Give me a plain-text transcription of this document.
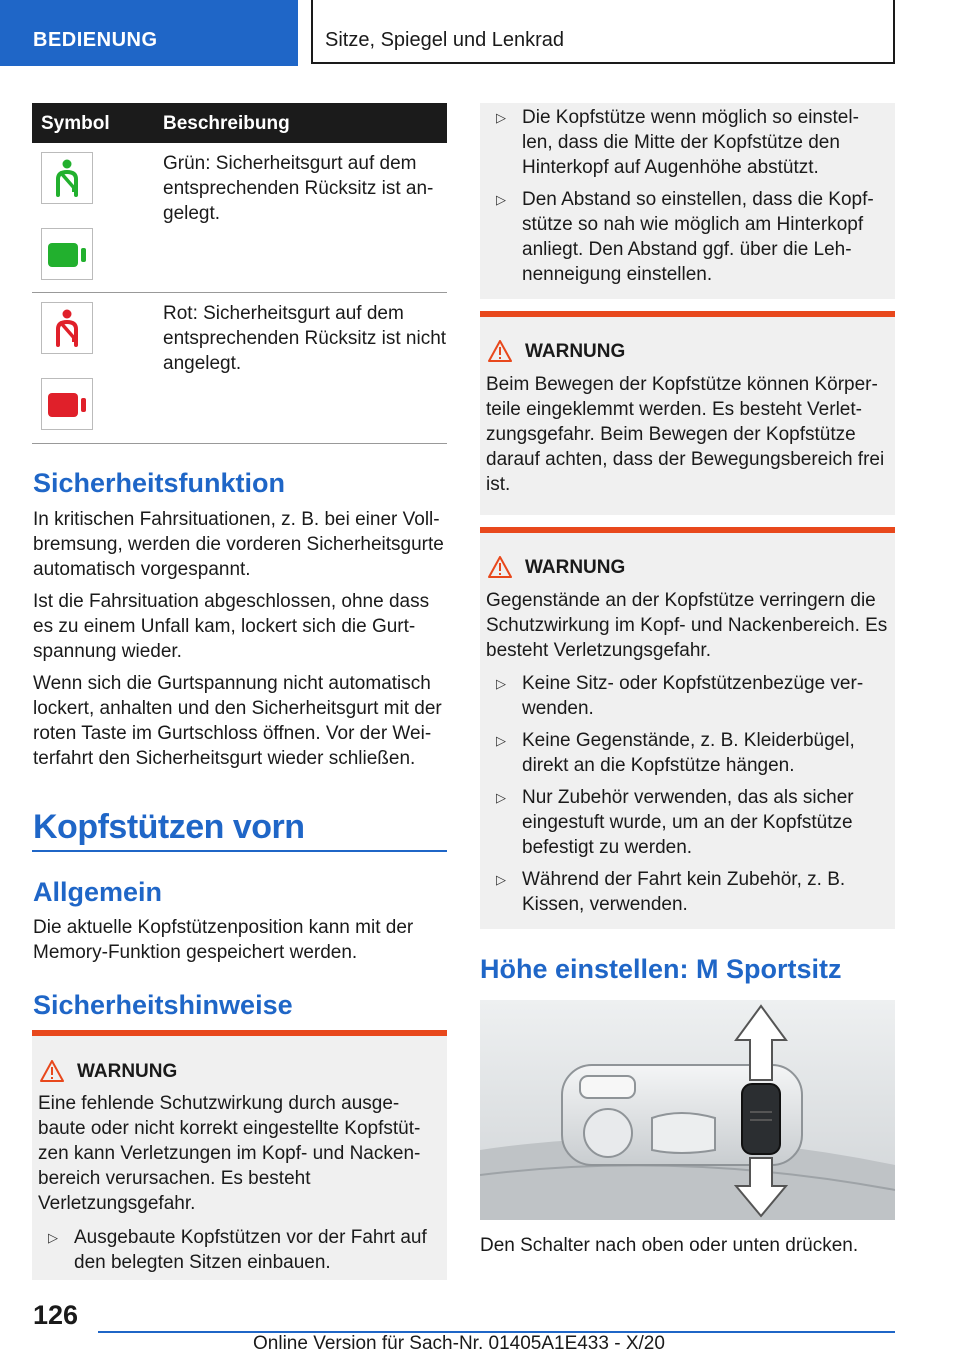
BEDIENUNG	Sitze, Spiegel und Lenkrad
Symbol	Beschreibung
Grün: Sicherheitsgurt auf dem entsprechenden Rücksitz ist angelegt.
Rot: Sicherheitsgurt auf dem entsprechenden Rücksitz ist nicht angelegt.
Sicherheitsfunktion
In kritischen Fahrsituationen, z. B. bei einer Vollbremsung, werden die vorderen Sicherheitsgurte automatisch vorgespannt.
Ist die Fahrsituation abgeschlossen, ohne dass es zu einem Unfall kam, lockert sich die Gurtspannung wieder.
Wenn sich die Gurtspannung nicht automatisch lockert, anhalten und den Sicherheitsgurt mit der roten Taste im Gurtschloss öffnen. Vor der Weiterfahrt den Sicherheitsgurt wieder schließen.
Kopfstützen vorn
Allgemein
Die aktuelle Kopfstützenposition kann mit der Memory-Funktion gespeichert werden.
Sicherheitshinweise
WARNUNG
Eine fehlende Schutzwirkung durch ausgebaute oder nicht korrekt eingestellte Kopfstützen kann Verletzungen im Kopf- und Nackenbereich verursachen. Es besteht Verletzungsgefahr.
▷ Ausgebaute Kopfstützen vor der Fahrt auf den belegten Sitzen einbauen.
▷ Die Kopfstütze wenn möglich so einstellen, dass die Mitte der Kopfstütze den Hinterkopf auf Augenhöhe abstützt.
▷ Den Abstand so einstellen, dass die Kopfstütze so nah wie möglich am Hinterkopf anliegt. Den Abstand ggf. über die Lehnenneigung einstellen.
WARNUNG
Beim Bewegen der Kopfstütze können Körperteile eingeklemmt werden. Es besteht Verletzungsgefahr. Beim Bewegen der Kopfstütze darauf achten, dass der Bewegungsbereich frei ist.
WARNUNG
Gegenstände an der Kopfstütze verringern die Schutzwirkung im Kopf- und Nackenbereich. Es besteht Verletzungsgefahr.
▷ Keine Sitz- oder Kopfstützenbezüge verwenden.
▷ Keine Gegenstände, z. B. Kleiderbügel, direkt an die Kopfstütze hängen.
▷ Nur Zubehör verwenden, das als sicher eingestuft wurde, um an der Kopfstütze befestigt zu werden.
▷ Während der Fahrt kein Zubehör, z. B. Kissen, verwenden.
Höhe einstellen: M Sportsitz
Den Schalter nach oben oder unten drücken.
126
Online Version für Sach-Nr. 01405A1E433 - X/20
